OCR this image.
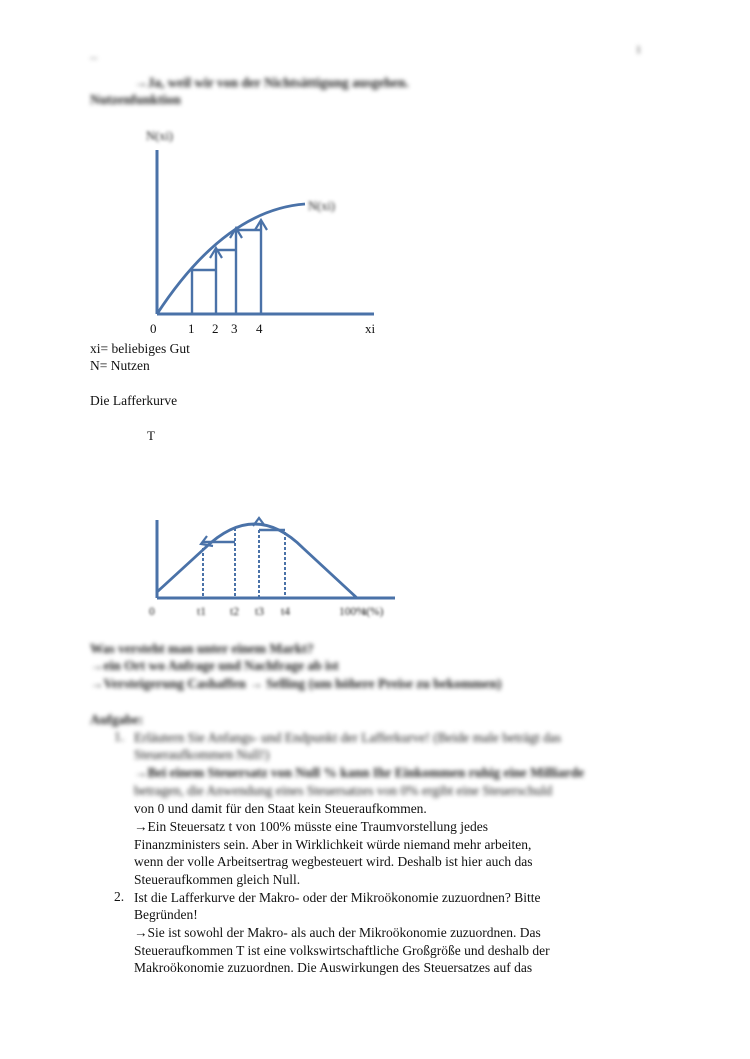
...
1
→Ja, weil wir von der Nichtsättigung ausgehen.
Nutzenfunktion
N(xi)
N(xi)
0 1 2 3 4	xi
xi= beliebiges Gut
N= Nutzen
Die Lafferkurve
T
0	t1 t2 t3 t4	100%
t(%)
Was versteht man unter einem Markt?
→ein Ort wo Anfrage und Nachfrage ab ist
→Versteigerung Cashaffen → Selling (um höhere Preise zu bekommen)
Aufgabe:
1. Erläutern Sie Anfangs- und Endpunkt der Lafferkurve! (Beide male beträgt das
Steueraufkommen Null!)
→Bei einem Steuersatz von Null % kann Ihr Einkommen ruhig eine Milliarde
betragen, die Anwendung eines Steuersatzes von 0% ergibt eine Steuerschuld
von 0 und damit für den Staat kein Steueraufkommen.
→Ein Steuersatz t von 100% müsste eine Traumvorstellung jedes
Finanzministers sein. Aber in Wirklichkeit würde niemand mehr arbeiten,
wenn der volle Arbeitsertrag wegbesteuert wird. Deshalb ist hier auch das
Steueraufkommen gleich Null.
2. Ist die Lafferkurve der Makro- oder der Mikroökonomie zuzuordnen? Bitte
Begründen!
→Sie ist sowohl der Makro- als auch der Mikroökonomie zuzuordnen. Das
Steueraufkommen T ist eine volkswirtschaftliche Großgröße und deshalb der
Makroökonomie zuzuordnen. Die Auswirkungen des Steuersatzes auf das
